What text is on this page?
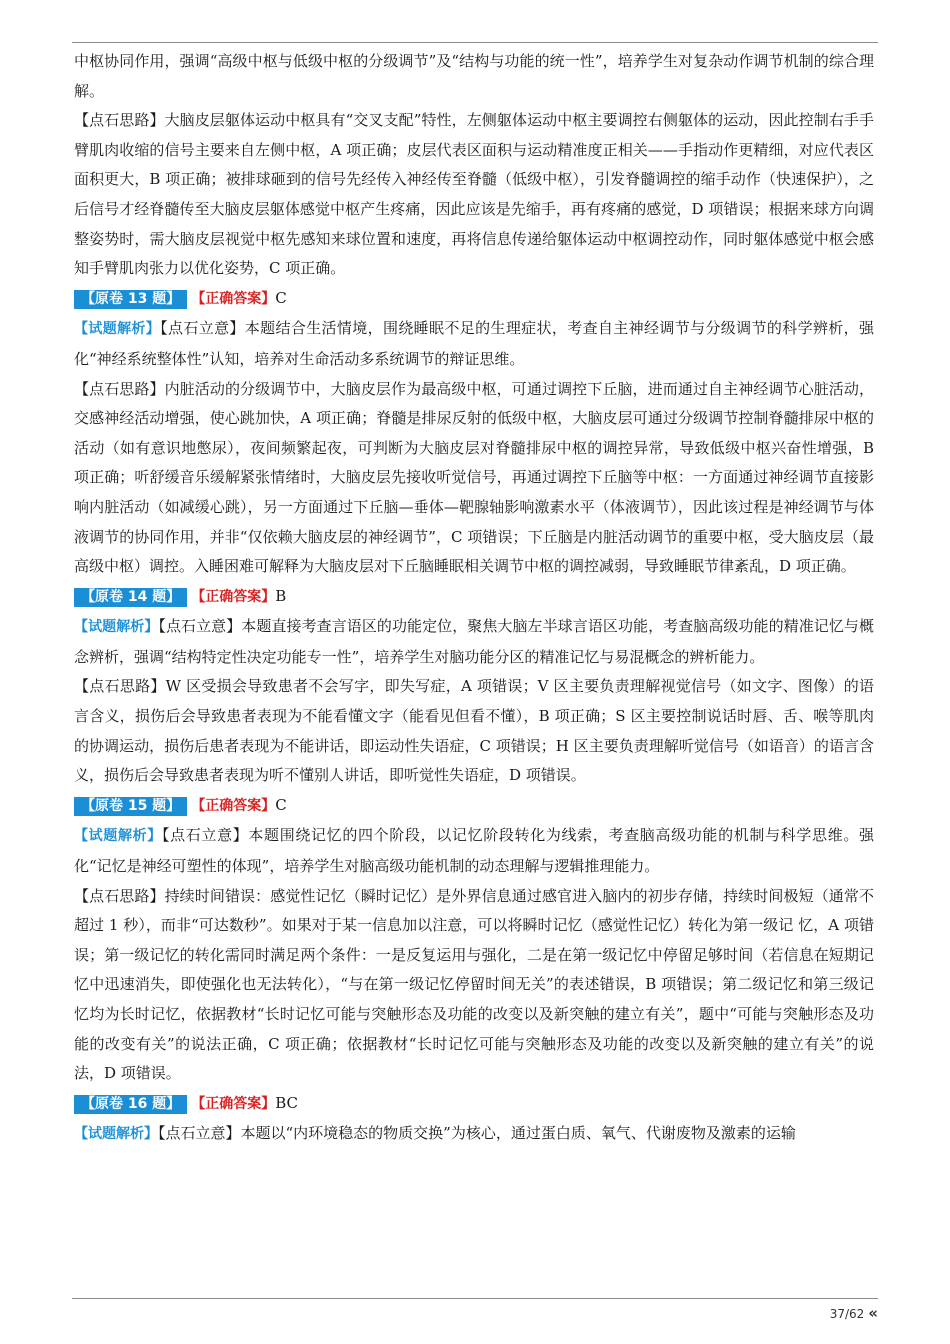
中枢协同作用，强调“高级中枢与低级中枢的分级调节”及“结构与功能的统一性”，培养学生对复杂动作调节机制的综合理解。

【点石思路】大脑皮层躯体运动中枢具有“交叉支配”特性，左侧躯体运动中枢主要调控右侧躯体的运动，因此控制右手手臂肌肉收缩的信号主要来自左侧中枢，A 项正确；皮层代表区面积与运动精准度正相关——手指动作更精细，对应代表区面积更大，B 项正确；被排球砸到的信号先经传入神经传至脊髓（低级中枢），引发脊髓调控的缩手动作（快速保护），之后信号才经脊髓传至大脑皮层躯体感觉中枢产生疼痛，因此应该是先缩手，再有疼痛的感觉，D 项错误；根据来球方向调整姿势时，需大脑皮层视觉中枢先感知来球位置和速度，再将信息传递给躯体运动中枢调控动作，同时躯体感觉中枢会感知手臂肌肉张力以优化姿势，C 项正确。

【原卷 13 题】 【正确答案】C

【试题解析】【点石立意】本题结合生活情境，围绕睡眠不足的生理症状，考查自主神经调节与分级调节的科学辨析，强化“神经系统整体性”认知，培养对生命活动多系统调节的辩证思维。

【点石思路】内脏活动的分级调节中，大脑皮层作为最高级中枢，可通过调控下丘脑，进而通过自主神经调节心脏活动，交感神经活动增强，使心跳加快，A 项正确；脊髓是排尿反射的低级中枢，大脑皮层可通过分级调节控制脊髓排尿中枢的活动（如有意识地憋尿），夜间频繁起夜，可判断为大脑皮层对脊髓排尿中枢的调控异常，导致低级中枢兴奋性增强，B 项正确；听舒缓音乐缓解紧张情绪时，大脑皮层先接收听觉信号，再通过调控下丘脑等中枢：一方面通过神经调节直接影响内脏活动（如减缓心跳），另一方面通过下丘脑—垂体—靶腺轴影响激素水平（体液调节），因此该过程是神经调节与体液调节的协同作用，并非“仅依赖大脑皮层的神经调节”，C 项错误；下丘脑是内脏活动调节的重要中枢，受大脑皮层（最高级中枢）调控。入睡困难可解释为大脑皮层对下丘脑睡眠相关调节中枢的调控减弱，导致睡眠节律紊乱，D 项正确。

【原卷 14 题】 【正确答案】B

【试题解析】【点石立意】本题直接考查言语区的功能定位，聚焦大脑左半球言语区功能，考查脑高级功能的精准记忆与概念辨析，强调“结构特定性决定功能专一性”，培养学生对脑功能分区的精准记忆与易混概念的辨析能力。

【点石思路】W 区受损会导致患者不会写字，即失写症，A 项错误；V 区主要负责理解视觉信号（如文字、图像）的语言含义，损伤后会导致患者表现为不能看懂文字（能看见但看不懂），B 项正确；S 区主要控制说话时唇、舌、喉等肌肉的协调运动，损伤后患者表现为不能讲话，即运动性失语症，C 项错误；H 区主要负责理解听觉信号（如语音）的语言含义，损伤后会导致患者表现为听不懂别人讲话，即听觉性失语症，D 项错误。

【原卷 15 题】 【正确答案】C

【试题解析】【点石立意】本题围绕记忆的四个阶段，以记忆阶段转化为线索，考查脑高级功能的机制与科学思维。强化“记忆是神经可塑性的体现”，培养学生对脑高级功能机制的动态理解与逻辑推理能力。

【点石思路】持续时间错误：感觉性记忆（瞬时记忆）是外界信息通过感官进入脑内的初步存储，持续时间极短（通常不超过 1 秒），而非“可达数秒”。如果对于某一信息加以注意，可以将瞬时记忆（感觉性记忆）转化为第一级记 忆，A 项错误；第一级记忆的转化需同时满足两个条件：一是反复运用与强化，二是在第一级记忆中停留足够时间（若信息在短期记忆中迅速消失，即使强化也无法转化），“与在第一级记忆停留时间无关”的表述错误，B 项错误；第二级记忆和第三级记忆均为长时记忆，依据教材“长时记忆可能与突触形态及功能的改变以及新突触的建立有关”，题中“可能与突触形态及功能的改变有关”的说法正确，C 项正确；依据教材“长时记忆可能与突触形态及功能的改变以及新突触的建立有关”的说法，D 项错误。

【原卷 16 题】 【正确答案】BC

【试题解析】【点石立意】本题以“内环境稳态的物质交换”为核心，通过蛋白质、氧气、代谢废物及激素的运输

37/62 «
